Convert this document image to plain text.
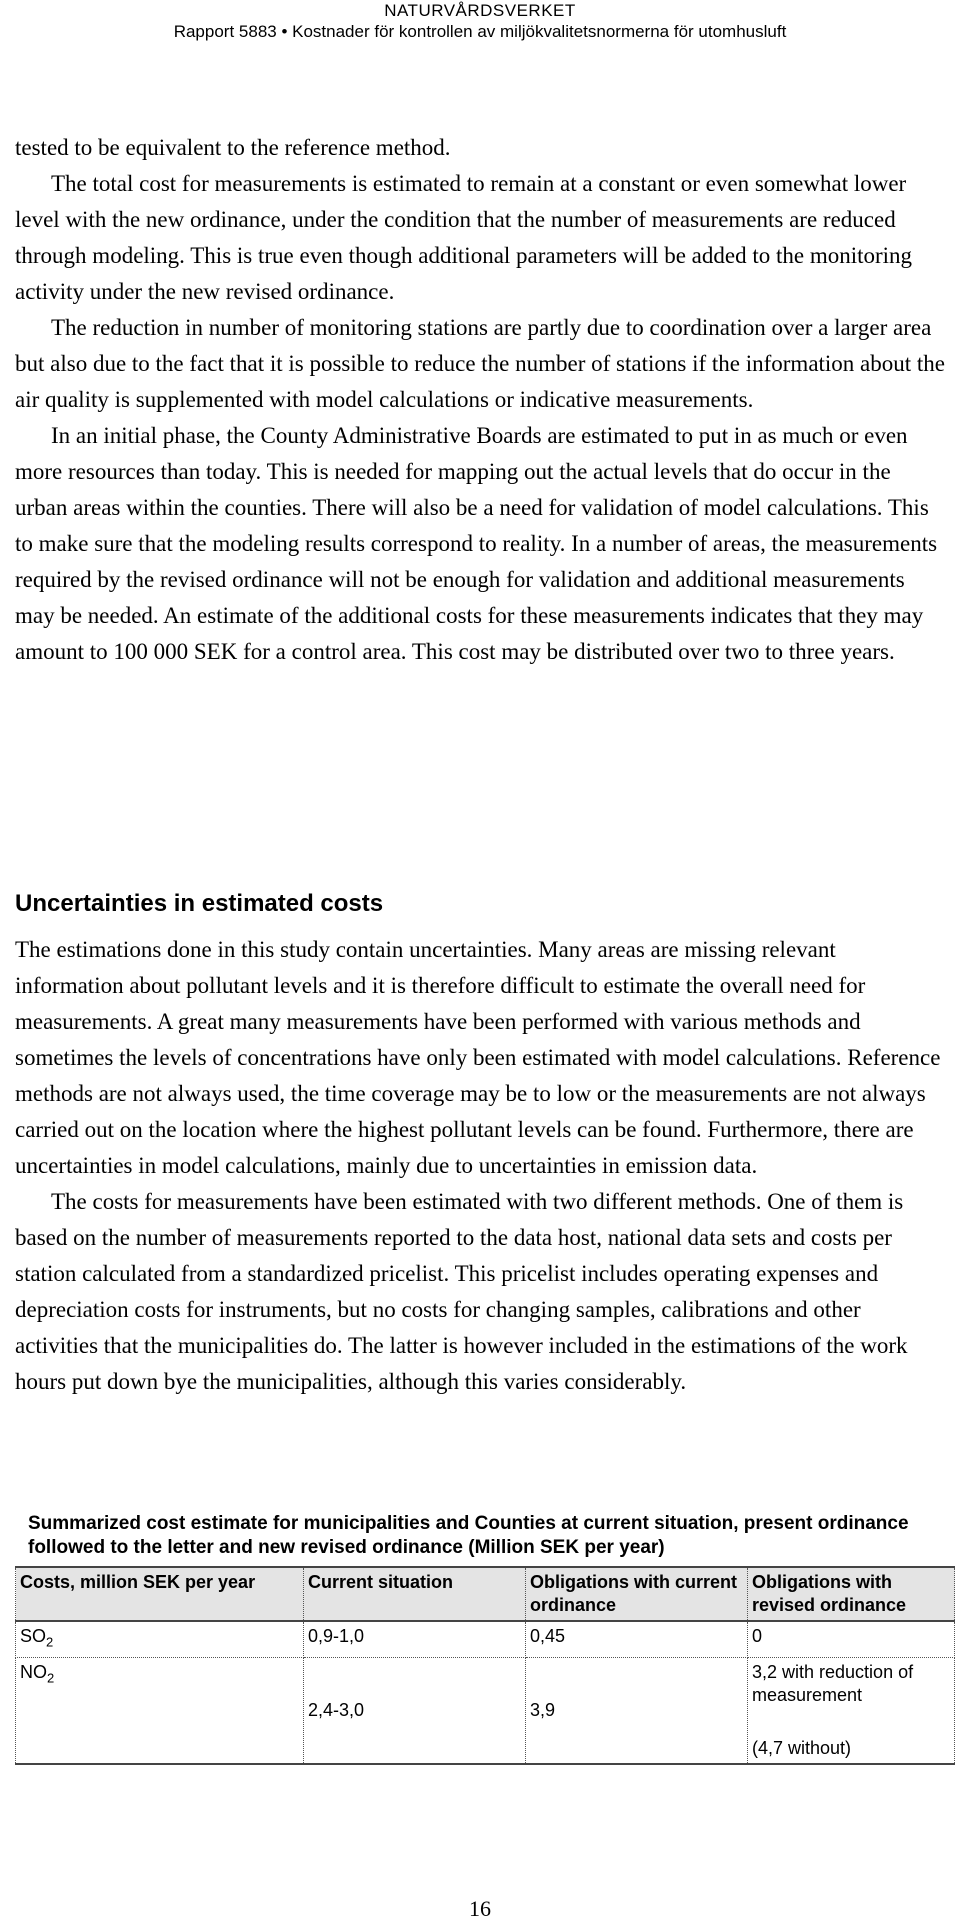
NATURVÅRDSVERKET
Rapport 5883 • Kostnader för kontrollen av miljökvalitetsnormerna för utomhusluft

tested to be equivalent to the reference method.

The total cost for measurements is estimated to remain at a constant or even somewhat lower level with the new ordinance, under the condition that the number of measurements are reduced through modeling. This is true even though additional parameters will be added to the monitoring activity under the new revised ordinance.

The reduction in number of monitoring stations are partly due to coordination over a larger area but also due to the fact that it is possible to reduce the number of stations if the information about the air quality is supplemented with model calculations or indicative measurements.

In an initial phase, the County Administrative Boards are estimated to put in as much or even more resources than today. This is needed for mapping out the actual levels that do occur in the urban areas within the counties. There will also be a need for validation of model calculations. This to make sure that the modeling results correspond to reality. In a number of areas, the measurements required by the revised ordinance will not be enough for validation and additional measurements may be needed. An estimate of the additional costs for these measurements indicates that they may amount to 100 000 SEK for a control area. This cost may be distributed over two to three years.

Uncertainties in estimated costs

The estimations done in this study contain uncertainties. Many areas are missing relevant information about pollutant levels and it is therefore difficult to estimate the overall need for measurements. A great many measurements have been performed with various methods and sometimes the levels of concentrations have only been estimated with model calculations. Reference methods are not always used, the time coverage may be to low or the measurements are not always carried out on the location where the highest pollutant levels can be found. Furthermore, there are uncertainties in model calculations, mainly due to uncertainties in emission data.

The costs for measurements have been estimated with two different methods. One of them is based on the number of measurements reported to the data host, national data sets and costs per station calculated from a standardized pricelist. This pricelist includes operating expenses and depreciation costs for instruments, but no costs for changing samples, calibrations and other activities that the municipalities do. The latter is however included in the estimations of the work hours put down bye the municipalities, although this varies considerably.

Summarized cost estimate for municipalities and Counties at current situation, present ordinance followed to the letter and new revised ordinance (Million SEK per year)
Costs, million SEK per year	Current situation	Obligations with current ordinance	Obligations with revised ordinance
$SO_2$	0,9-1,0	0,45	0
$NO_2$	2,4-3,0	3,9	3,2 with reduction of measurement
(4,7 without)
16
